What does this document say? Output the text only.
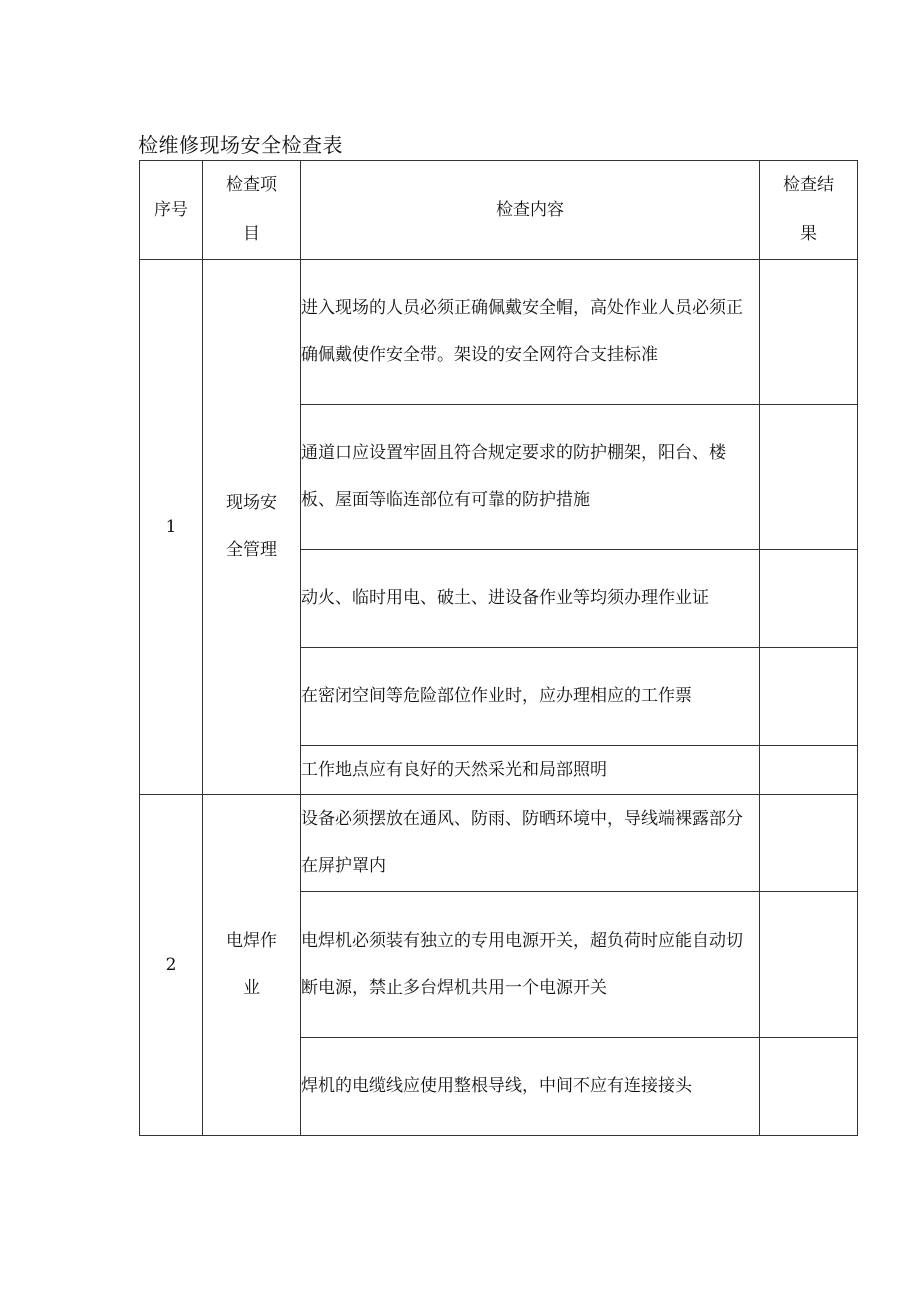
检维修现场安全检查表
序号	检查项目	检查内容	检查结果
1	现场安全管理	进入现场的人员必须正确佩戴安全帽，高处作业人员必须正确佩戴使作安全带。架设的安全网符合支挂标准	
		通道口应设置牢固且符合规定要求的防护棚架，阳台、楼板、屋面等临连部位有可靠的防护措施	
		动火、临时用电、破土、进设备作业等均须办理作业证	
		在密闭空间等危险部位作业时，应办理相应的工作票	
		工作地点应有良好的天然采光和局部照明	
2	电焊作业	设备必须摆放在通风、防雨、防晒环境中，导线端裸露部分在屏护罩内	
		电焊机必须装有独立的专用电源开关，超负荷时应能自动切断电源，禁止多台焊机共用一个电源开关	
		焊机的电缆线应使用整根导线，中间不应有连接接头	
